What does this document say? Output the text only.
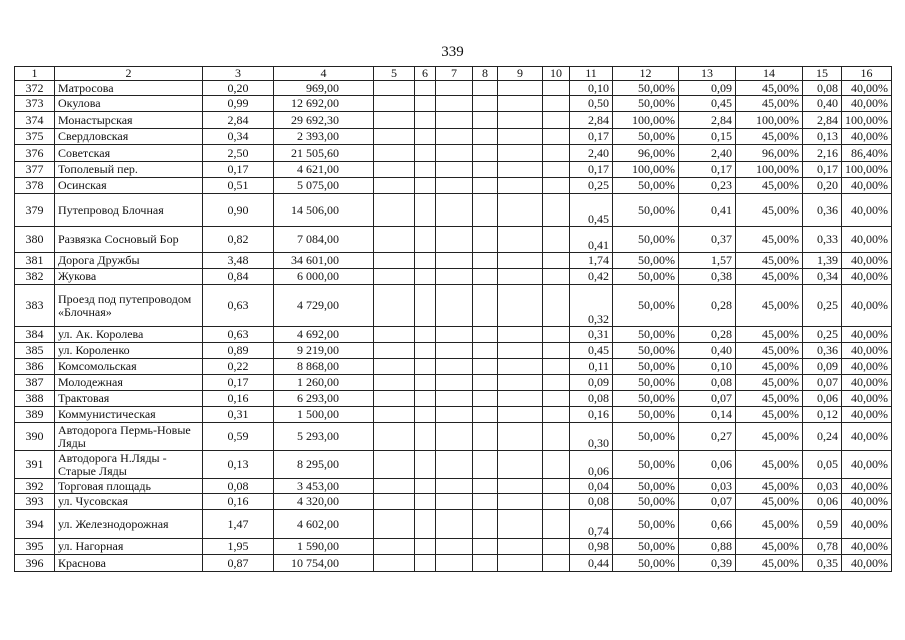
339
1	2	3	4	5	6	7	8	9	10	11	12	13	14	15	16
372	Матросова	0,20	969,00							0,10	50,00%	0,09	45,00%	0,08	40,00%
373	Окулова	0,99	12 692,00							0,50	50,00%	0,45	45,00%	0,40	40,00%
374	Монастырская	2,84	29 692,30							2,84	100,00%	2,84	100,00%	2,84	100,00%
375	Свердловская	0,34	2 393,00							0,17	50,00%	0,15	45,00%	0,13	40,00%
376	Советская	2,50	21 505,60							2,40	96,00%	2,40	96,00%	2,16	86,40%
377	Тополевый пер.	0,17	4 621,00							0,17	100,00%	0,17	100,00%	0,17	100,00%
378	Осинская	0,51	5 075,00							0,25	50,00%	0,23	45,00%	0,20	40,00%
379	Путепровод Блочная	0,90	14 506,00							0,45	50,00%	0,41	45,00%	0,36	40,00%
380	Развязка Сосновый Бор	0,82	7 084,00							0,41	50,00%	0,37	45,00%	0,33	40,00%
381	Дорога Дружбы	3,48	34 601,00							1,74	50,00%	1,57	45,00%	1,39	40,00%
382	Жукова	0,84	6 000,00							0,42	50,00%	0,38	45,00%	0,34	40,00%
383	Проезд под путепроводом «Блочная»	0,63	4 729,00							0,32	50,00%	0,28	45,00%	0,25	40,00%
384	ул. Ак. Королева	0,63	4 692,00							0,31	50,00%	0,28	45,00%	0,25	40,00%
385	ул. Короленко	0,89	9 219,00							0,45	50,00%	0,40	45,00%	0,36	40,00%
386	Комсомольская	0,22	8 868,00							0,11	50,00%	0,10	45,00%	0,09	40,00%
387	Молодежная	0,17	1 260,00							0,09	50,00%	0,08	45,00%	0,07	40,00%
388	Трактовая	0,16	6 293,00							0,08	50,00%	0,07	45,00%	0,06	40,00%
389	Коммунистическая	0,31	1 500,00							0,16	50,00%	0,14	45,00%	0,12	40,00%
390	Автодорога Пермь-Новые Ляды	0,59	5 293,00							0,30	50,00%	0,27	45,00%	0,24	40,00%
391	Автодорога Н.Ляды - Старые Ляды	0,13	8 295,00							0,06	50,00%	0,06	45,00%	0,05	40,00%
392	Торговая площадь	0,08	3 453,00							0,04	50,00%	0,03	45,00%	0,03	40,00%
393	ул. Чусовская	0,16	4 320,00							0,08	50,00%	0,07	45,00%	0,06	40,00%
394	ул. Железнодорожная	1,47	4 602,00							0,74	50,00%	0,66	45,00%	0,59	40,00%
395	ул. Нагорная	1,95	1 590,00							0,98	50,00%	0,88	45,00%	0,78	40,00%
396	Краснова	0,87	10 754,00							0,44	50,00%	0,39	45,00%	0,35	40,00%
